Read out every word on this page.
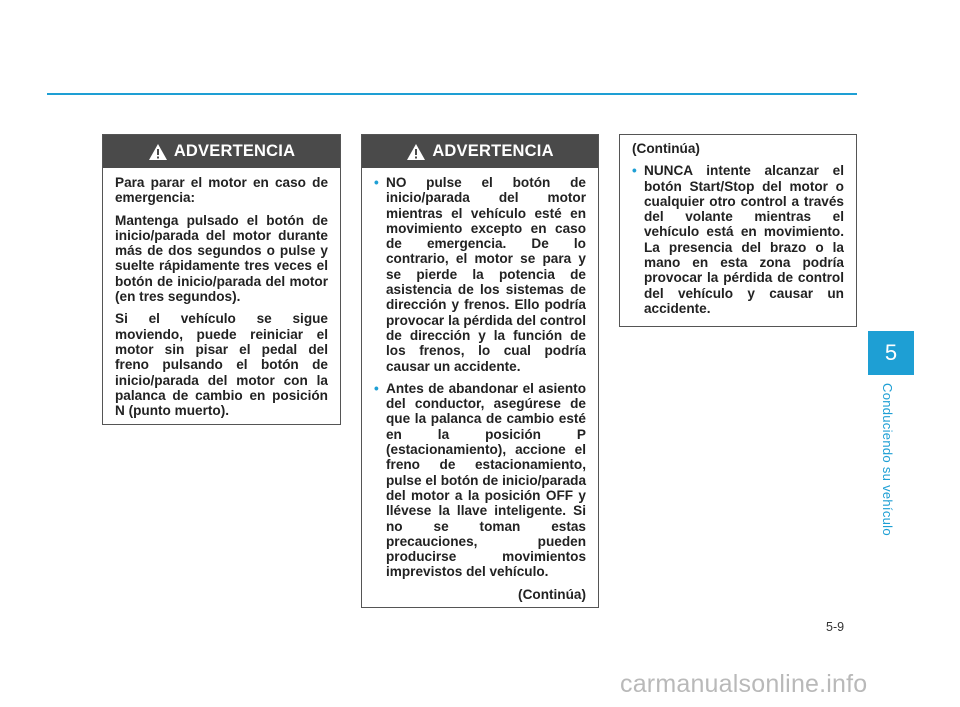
ADVERTENCIA

Para parar el motor en caso de emergencia:

Mantenga pulsado el botón de inicio/parada del motor durante más de dos segundos o pulse y suelte rápidamente tres veces el botón de inicio/parada del motor (en tres segundos).

Si el vehículo se sigue moviendo, puede reiniciar el motor sin pisar el pedal del freno pulsando el botón de inicio/parada del motor con la palanca de cambio en posición N (punto muerto).

ADVERTENCIA
• NO pulse el botón de inicio/parada del motor mientras el vehículo esté en movimiento excepto en caso de emergencia. De lo contrario, el motor se para y se pierde la potencia de asistencia de los sistemas de dirección y frenos. Ello podría provocar la pérdida del control de dirección y la función de los frenos, lo cual podría causar un accidente.
• Antes de abandonar el asiento del conductor, asegúrese de que la palanca de cambio esté en la posición P (estacionamiento), accione el freno de estacionamiento, pulse el botón de inicio/parada del motor a la posición OFF y llévese la llave inteligente. Si no se toman estas precauciones, pueden producirse movimientos imprevistos del vehículo.

(Continúa)

(Continúa)

• NUNCA intente alcanzar el botón Start/Stop del motor o cualquier otro control a través del volante mientras el vehículo está en movimiento. La presencia del brazo o la mano en esta zona podría provocar la pérdida de control del vehículo y causar un accidente.
5
Conduciendo su vehículo
5-9
carmanualsonline.info
